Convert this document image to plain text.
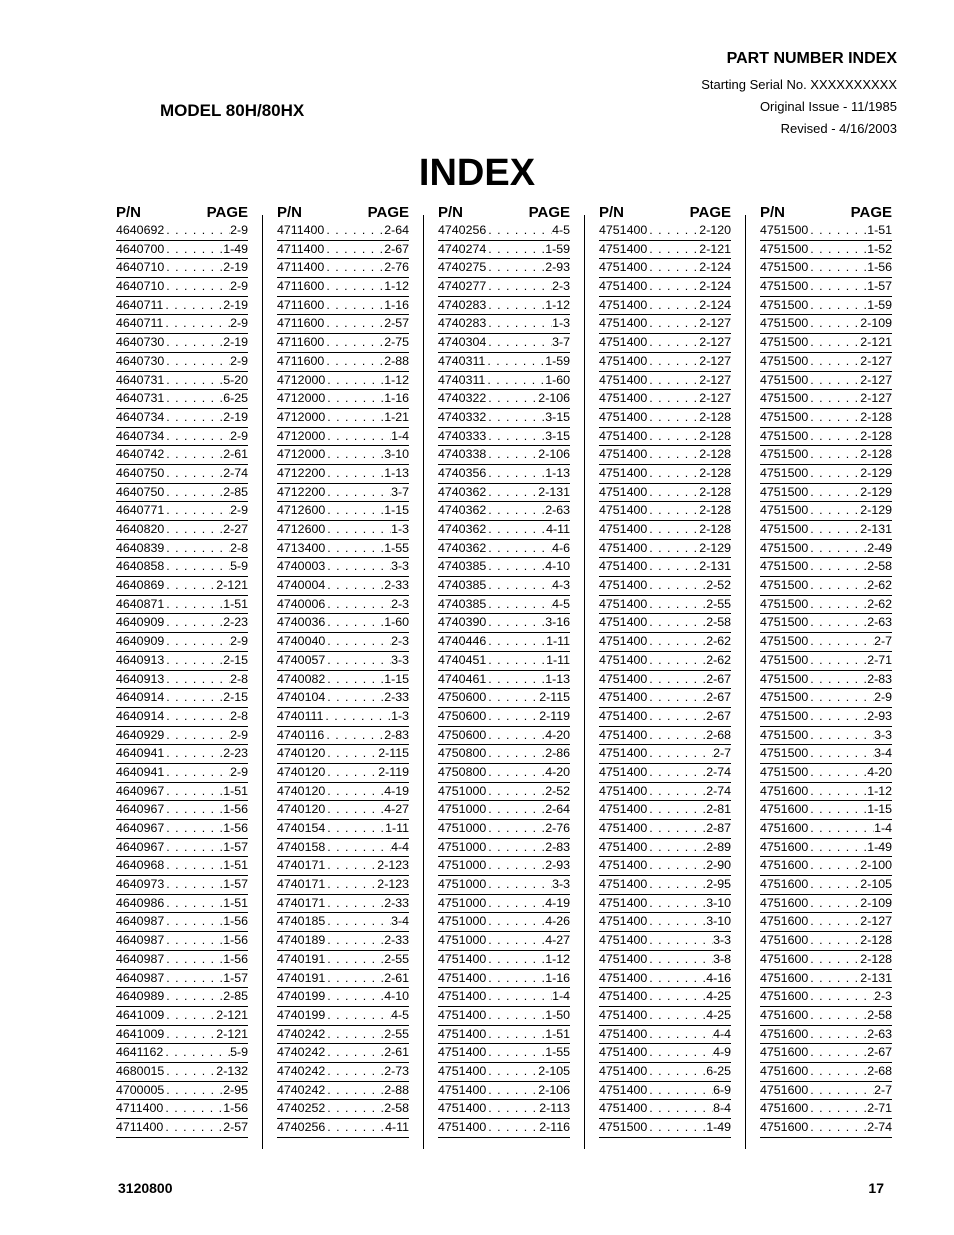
PART NUMBER INDEX
Starting Serial No. XXXXXXXXXX
Original Issue - 11/1985
Revised - 4/16/2003
MODEL 80H/80HX
INDEX
P/N	PAGE
4640692 . . .	2-9
4640700 . . .	1-49
4640710 . . .	2-19
4640710 . . .	2-9
4640711 . . .	2-19
4640711 . . .	2-9
4640730 . . .	2-19
4640730 . . .	2-9
4640731 . . .	5-20
4640731 . . .	6-25
4640734 . . .	2-19
4640734 . . .	2-9
4640742 . . .	2-61
4640750 . . .	2-74
4640750 . . .	2-85
4640771 . . .	2-9
4640820 . . .	2-27
4640839 . . .	2-8
4640858 . . .	5-9
4640869 . . .	2-121
4640871 . . .	1-51
4640909 . . .	2-23
4640909 . . .	2-9
4640913 . . .	2-15
4640913 . . .	2-8
4640914 . . .	2-15
4640914 . . .	2-8
4640929 . . .	2-9
4640941 . . .	2-23
4640941 . . .	2-9
4640967 . . .	1-51
4640967 . . .	1-56
4640967 . . .	1-56
4640967 . . .	1-57
4640968 . . .	1-51
4640973 . . .	1-57
4640986 . . .	1-51
4640987 . . .	1-56
4640987 . . .	1-56
4640987 . . .	1-56
4640987 . . .	1-57
4640989 . . .	2-85
4641009 . . .	2-121
4641009 . . .	2-121
4641162 . . .	5-9
4680015 . . .	2-132
4700005 . . .	2-95
4711400 . . .	1-56
4711400 . . .	2-57
P/N	PAGE
4711400 . . .	2-64
4711400 . . .	2-67
4711400 . . .	2-76
4711600 . . .	1-12
4711600 . . .	1-16
4711600 . . .	2-57
4711600 . . .	2-75
4711600 . . .	2-88
4712000 . . .	1-12
4712000 . . .	1-16
4712000 . . .	1-21
4712000 . . .	1-4
4712000 . . .	3-10
4712200 . . .	1-13
4712200 . . .	3-7
4712600 . . .	1-15
4712600 . . .	1-3
4713400 . . .	1-55
4740003 . . .	3-3
4740004 . . .	2-33
4740006 . . .	2-3
4740036 . . .	1-60
4740040 . . .	2-3
4740057 . . .	3-3
4740082 . . .	1-15
4740104 . . .	2-33
4740111 . . .	1-3
4740116 . . .	2-83
4740120 . . .	2-115
4740120 . . .	2-119
4740120 . . .	4-19
4740120 . . .	4-27
4740154 . . .	1-11
4740158 . . .	4-4
4740171 . . .	2-123
4740171 . . .	2-123
4740171 . . .	2-33
4740185 . . .	3-4
4740189 . . .	2-33
4740191 . . .	2-55
4740191 . . .	2-61
4740199 . . .	4-10
4740199 . . .	4-5
4740242 . . .	2-55
4740242 . . .	2-61
4740242 . . .	2-73
4740242 . . .	2-88
4740252 . . .	2-58
4740256 . . .	4-11
P/N	PAGE
4740256 . . .	4-5
4740274 . . .	1-59
4740275 . . .	2-93
4740277 . . .	2-3
4740283 . . .	1-12
4740283 . . .	1-3
4740304 . . .	3-7
4740311 . . .	1-59
4740311 . . .	1-60
4740322 . . .	2-106
4740332 . . .	3-15
4740333 . . .	3-15
4740338 . . .	2-106
4740356 . . .	1-13
4740362 . . .	2-131
4740362 . . .	2-63
4740362 . . .	4-11
4740362 . . .	4-6
4740385 . . .	4-10
4740385 . . .	4-3
4740385 . . .	4-5
4740390 . . .	3-16
4740446 . . .	1-11
4740451 . . .	1-11
4740461 . . .	1-13
4750600 . . .	2-115
4750600 . . .	2-119
4750600 . . .	4-20
4750800 . . .	2-86
4750800 . . .	4-20
4751000 . . .	2-52
4751000 . . .	2-64
4751000 . . .	2-76
4751000 . . .	2-83
4751000 . . .	2-93
4751000 . . .	3-3
4751000 . . .	4-19
4751000 . . .	4-26
4751000 . . .	4-27
4751400 . . .	1-12
4751400 . . .	1-16
4751400 . . .	1-4
4751400 . . .	1-50
4751400 . . .	1-51
4751400 . . .	1-55
4751400 . . .	2-105
4751400 . . .	2-106
4751400 . . .	2-113
4751400 . . .	2-116
P/N	PAGE
4751400 . . .	2-120
4751400 . . .	2-121
4751400 . . .	2-124
4751400 . . .	2-124
4751400 . . .	2-124
4751400 . . .	2-127
4751400 . . .	2-127
4751400 . . .	2-127
4751400 . . .	2-127
4751400 . . .	2-127
4751400 . . .	2-128
4751400 . . .	2-128
4751400 . . .	2-128
4751400 . . .	2-128
4751400 . . .	2-128
4751400 . . .	2-128
4751400 . . .	2-128
4751400 . . .	2-129
4751400 . . .	2-131
4751400 . . .	2-52
4751400 . . .	2-55
4751400 . . .	2-58
4751400 . . .	2-62
4751400 . . .	2-62
4751400 . . .	2-67
4751400 . . .	2-67
4751400 . . .	2-67
4751400 . . .	2-68
4751400 . . .	2-7
4751400 . . .	2-74
4751400 . . .	2-74
4751400 . . .	2-81
4751400 . . .	2-87
4751400 . . .	2-89
4751400 . . .	2-90
4751400 . . .	2-95
4751400 . . .	3-10
4751400 . . .	3-10
4751400 . . .	3-3
4751400 . . .	3-8
4751400 . . .	4-16
4751400 . . .	4-25
4751400 . . .	4-25
4751400 . . .	4-4
4751400 . . .	4-9
4751400 . . .	6-25
4751400 . . .	6-9
4751400 . . .	8-4
4751500 . . .	1-49
P/N	PAGE
4751500 . . .	1-51
4751500 . . .	1-52
4751500 . . .	1-56
4751500 . . .	1-57
4751500 . . .	1-59
4751500 . . .	2-109
4751500 . . .	2-121
4751500 . . .	2-127
4751500 . . .	2-127
4751500 . . .	2-127
4751500 . . .	2-128
4751500 . . .	2-128
4751500 . . .	2-128
4751500 . . .	2-129
4751500 . . .	2-129
4751500 . . .	2-129
4751500 . . .	2-131
4751500 . . .	2-49
4751500 . . .	2-58
4751500 . . .	2-62
4751500 . . .	2-62
4751500 . . .	2-63
4751500 . . .	2-7
4751500 . . .	2-71
4751500 . . .	2-83
4751500 . . .	2-9
4751500 . . .	2-93
4751500 . . .	3-3
4751500 . . .	3-4
4751500 . . .	4-20
4751600 . . .	1-12
4751600 . . .	1-15
4751600 . . .	1-4
4751600 . . .	1-49
4751600 . . .	2-100
4751600 . . .	2-105
4751600 . . .	2-109
4751600 . . .	2-127
4751600 . . .	2-128
4751600 . . .	2-128
4751600 . . .	2-131
4751600 . . .	2-3
4751600 . . .	2-58
4751600 . . .	2-63
4751600 . . .	2-67
4751600 . . .	2-68
4751600 . . .	2-7
4751600 . . .	2-71
4751600 . . .	2-74
3120800	17
